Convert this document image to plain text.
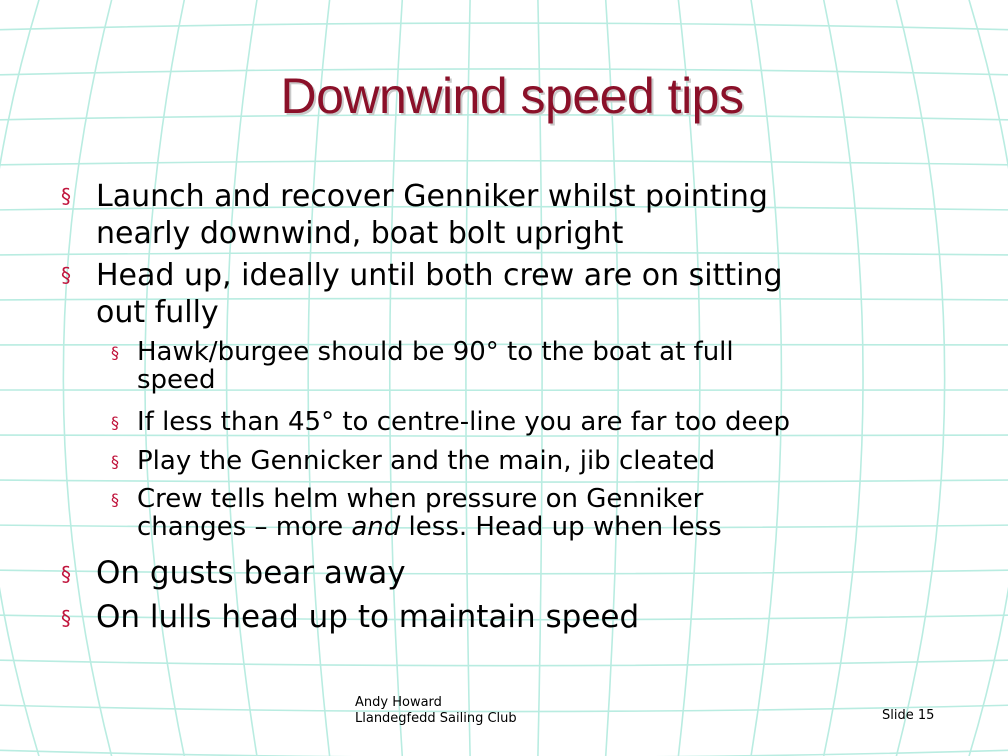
Downwind speed tips
§ Launch and recover Genniker whilst pointing
nearly downwind, boat bolt upright
§ Head up, ideally until both crew are on sitting
out fully
§ Hawk/burgee should be 90° to the boat at full
speed
§ If less than 45° to centre-line you are far too deep
§ Play the Gennicker and the main, jib cleated
§ Crew tells helm when pressure on Genniker
changes – more and less. Head up when less
§ On gusts bear away
§ On lulls head up to maintain speed
Andy Howard
Llandegfedd Sailing Club	Slide 15
